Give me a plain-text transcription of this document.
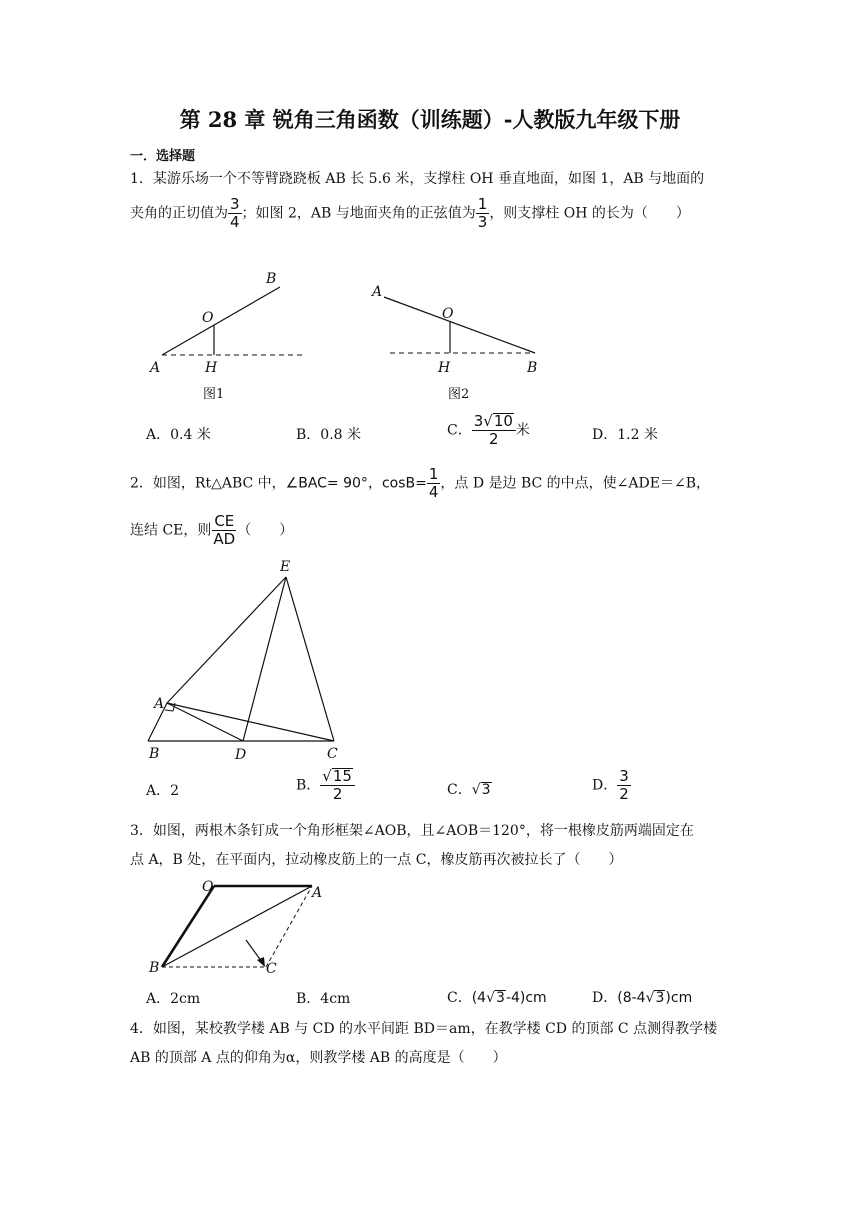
第 28 章 锐角三角函数（训练题）-人教版九年级下册
一．选择题
1．某游乐场一个不等臂跷跷板 AB 长 5.6 米，支撑柱 OH 垂直地面，如图 1，AB 与地面的
夹角的正切值为 $\frac{3}{4}$ ；如图 2，AB 与地面夹角的正弦值为 $\frac{1}{3}$ ，则支撑柱 OH 的长为（　　）
A
B
O
H
图1
A
B
O
H
图2
E
A
B	D	C
O	A
B	C
A．0.4 米	B．0.8 米	C． $\frac{3√10}{2}$ 米	D．1.2 米
2．如图，Rt△ABC 中，∠BAC= 90°，$\cos B= \frac{1}{4}$ ，点 D 是边 BC 的中点，使∠ADE＝∠B，
连结 CE，则 $\frac{CE}{AD}$ （　　）
A．2	B． $\frac{√15}{2}$	C．√3	D． $\frac{3}{2}$
3．如图，两根木条钉成一个角形框架∠AOB，且∠AOB＝120°，将一根橡皮筋两端固定在
点 A，B 处，在平面内，拉动橡皮筋上的一点 C，橡皮筋再次被拉长了（　　）
A．2cm	B．4cm	C．(4√3-4)cm	D．(8-4√3)cm
4．如图，某校教学楼 AB 与 CD 的水平间距 BD＝am，在教学楼 CD 的顶部 C 点测得教学楼
AB 的顶部 A 点的仰角为α，则教学楼 AB 的高度是（　　）
